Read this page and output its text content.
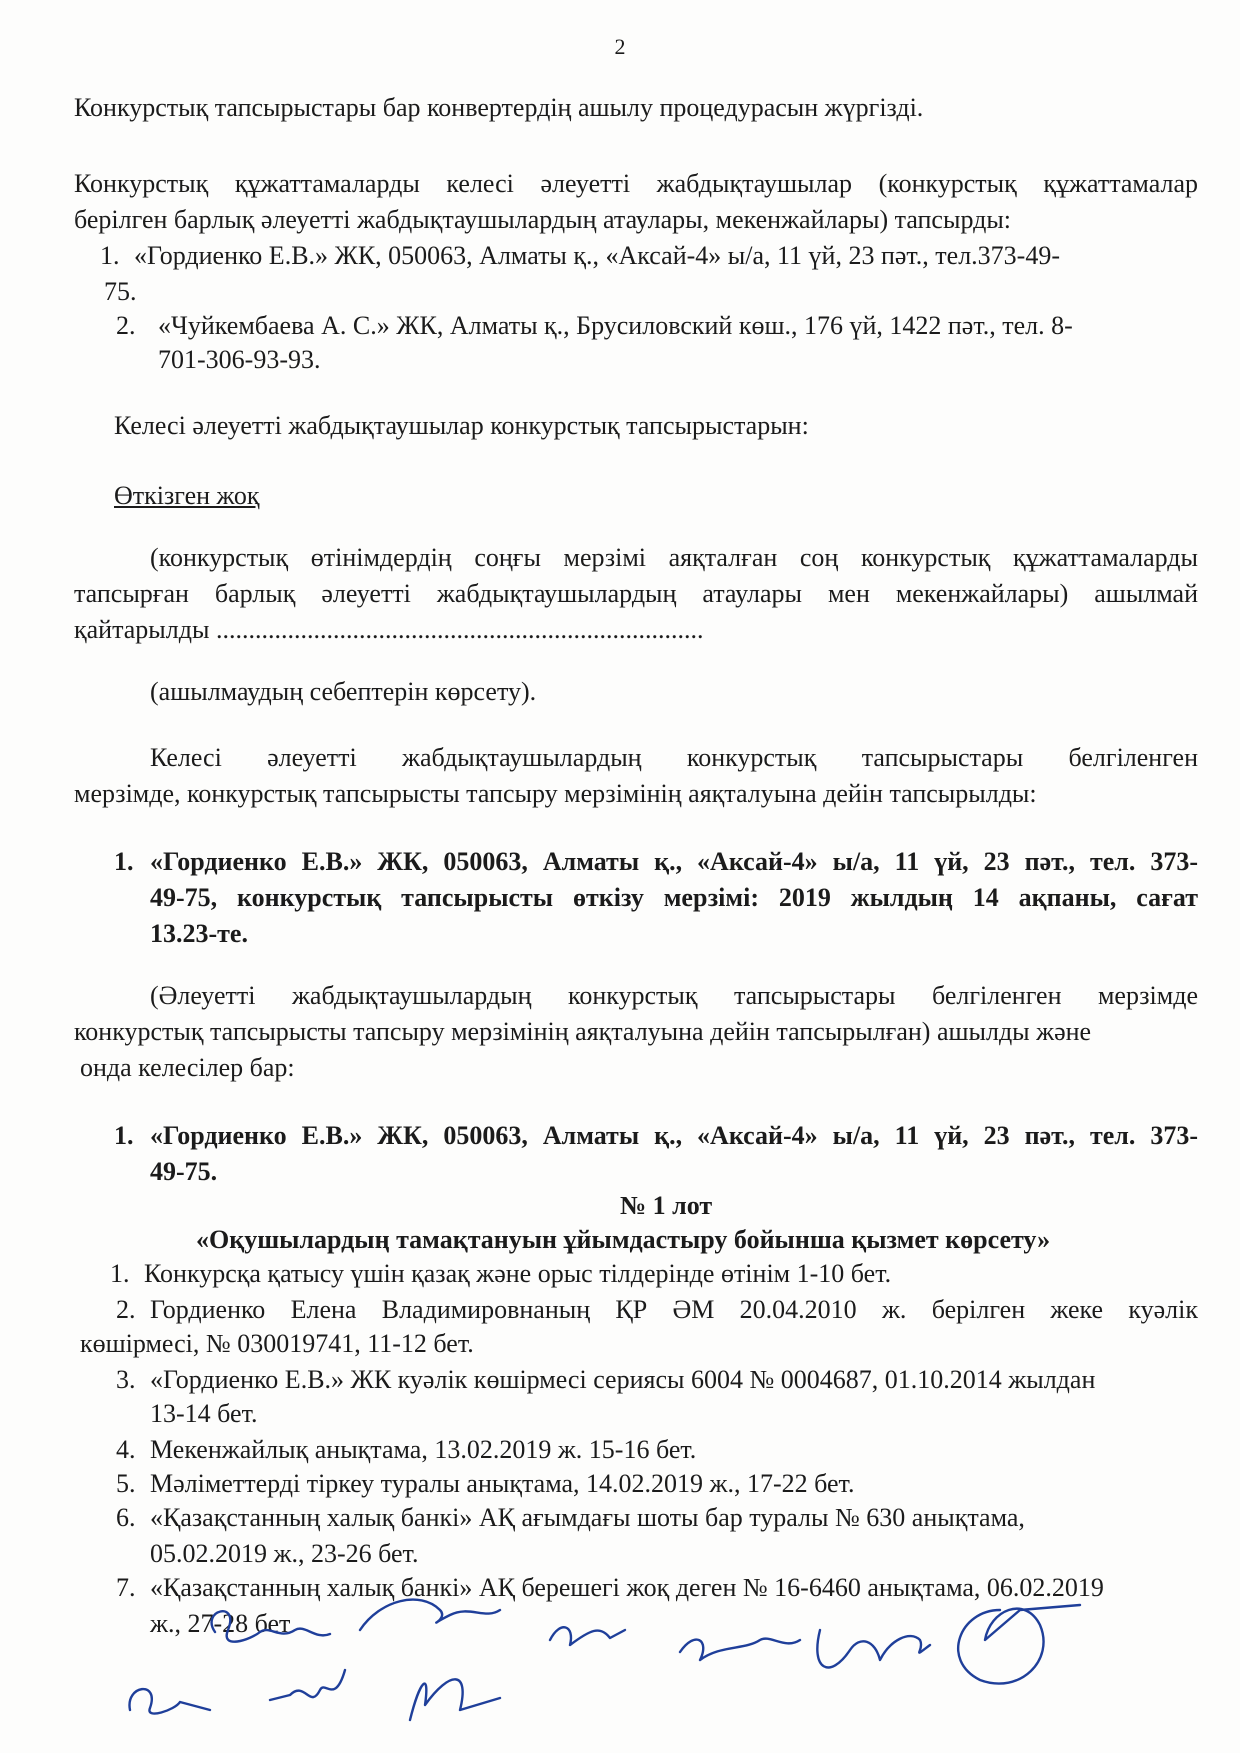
2
Конкурстық тапсырыстары бар конвертердің ашылу процедурасын жүргізді.
Конкурстық құжаттамаларды келесі әлеуетті жабдықтаушылар (конкурстық құжаттамалар
берілген барлық әлеуетті жабдықтаушылардың атаулары, мекенжайлары) тапсырды:
1. «Гордиенко Е.В.» ЖК, 050063, Алматы қ., «Аксай-4» ы/а, 11 үй, 23 пәт., тел.373-49-
75.
2. «Чуйкембаева А. С.» ЖК, Алматы қ., Брусиловский көш., 176 үй, 1422 пәт., тел. 8-
701-306-93-93.
Келесі әлеуетті жабдықтаушылар конкурстық тапсырыстарын:
Өткізген жоқ
(конкурстық өтінімдердің соңғы мерзімі аяқталған соң конкурстық құжаттамаларды
тапсырған барлық әлеуетті жабдықтаушылардың атаулары мен мекенжайлары) ашылмай
қайтарылды ...........................................................................
(ашылмаудың себептерін көрсету).
Келесі әлеуетті жабдықтаушылардың конкурстық тапсырыстары белгіленген
мерзімде, конкурстық тапсырысты тапсыру мерзімінің аяқталуына дейін тапсырылды:
1. «Гордиенко Е.В.» ЖК, 050063, Алматы қ., «Аксай-4» ы/а, 11 үй, 23 пәт., тел. 373-
49-75, конкурстық тапсырысты өткізу мерзімі: 2019 жылдың 14 ақпаны, сағат
13.23-те.
(Әлеуетті жабдықтаушылардың конкурстық тапсырыстары белгіленген мерзімде
конкурстық тапсырысты тапсыру мерзімінің аяқталуына дейін тапсырылған) ашылды және
онда келесілер бар:
1. «Гордиенко Е.В.» ЖК, 050063, Алматы қ., «Аксай-4» ы/а, 11 үй, 23 пәт., тел. 373-
49-75.
№ 1 лот
«Оқушылардың тамақтануын ұйымдастыру бойынша қызмет көрсету»
1. Конкурсқа қатысу үшін қазақ және орыс тілдерінде өтінім 1-10 бет.
2. Гордиенко Елена Владимировнаның ҚР ӘМ 20.04.2010 ж. берілген жеке куәлік
көшірмесі, № 030019741, 11-12 бет.
3. «Гордиенко Е.В.» ЖК куәлік көшірмесі сериясы 6004 № 0004687, 01.10.2014 жылдан
13-14 бет.
4. Мекенжайлық анықтама, 13.02.2019 ж. 15-16 бет.
5. Мәліметтерді тіркеу туралы анықтама, 14.02.2019 ж., 17-22 бет.
6. «Қазақстанның халық банкі» АҚ ағымдағы шоты бар туралы № 630 анықтама,
05.02.2019 ж., 23-26 бет.
7. «Қазақстанның халық банкі» АҚ берешегі жоқ деген № 16-6460 анықтама, 06.02.2019
ж., 27-28 бет
